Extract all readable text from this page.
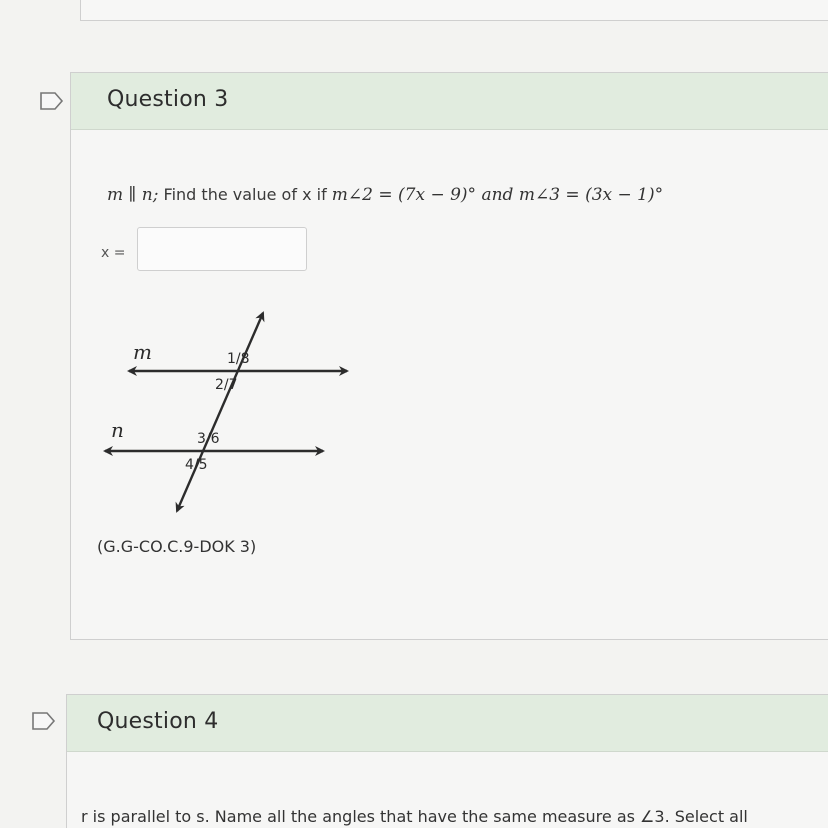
Question 3
m ∥ n; Find the value of x if m∠2 = (7x − 9)° and m∠3 = (3x − 1)°
x =
m
n
1/8
2/7
3/6
4/5
(G.G-CO.C.9-DOK 3)
Question 4
r is parallel to s. Name all the angles that have the same measure as ∠3. Select all
